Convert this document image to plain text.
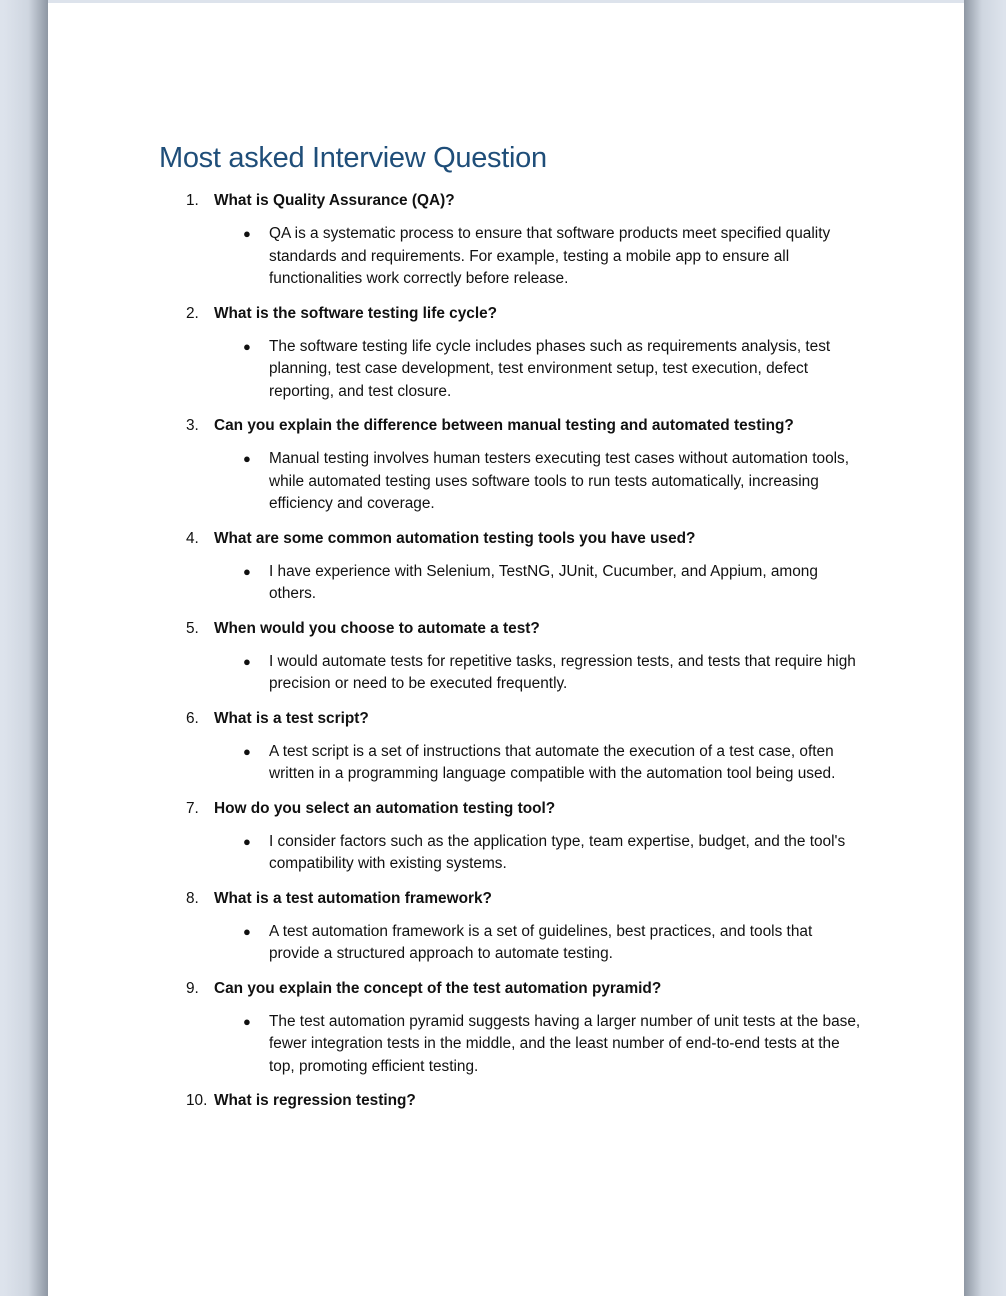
Most asked Interview Question
1. What is Quality Assurance (QA)?
● QA is a systematic process to ensure that software products meet specified quality standards and requirements. For example, testing a mobile app to ensure all functionalities work correctly before release.
2. What is the software testing life cycle?
● The software testing life cycle includes phases such as requirements analysis, test planning, test case development, test environment setup, test execution, defect reporting, and test closure.
3. Can you explain the difference between manual testing and automated testing?
● Manual testing involves human testers executing test cases without automation tools, while automated testing uses software tools to run tests automatically, increasing efficiency and coverage.
4. What are some common automation testing tools you have used?
● I have experience with Selenium, TestNG, JUnit, Cucumber, and Appium, among others.
5. When would you choose to automate a test?
● I would automate tests for repetitive tasks, regression tests, and tests that require high precision or need to be executed frequently.
6. What is a test script?
● A test script is a set of instructions that automate the execution of a test case, often written in a programming language compatible with the automation tool being used.
7. How do you select an automation testing tool?
● I consider factors such as the application type, team expertise, budget, and the tool's compatibility with existing systems.
8. What is a test automation framework?
● A test automation framework is a set of guidelines, best practices, and tools that provide a structured approach to automate testing.
9. Can you explain the concept of the test automation pyramid?
● The test automation pyramid suggests having a larger number of unit tests at the base, fewer integration tests in the middle, and the least number of end-to-end tests at the top, promoting efficient testing.
10. What is regression testing?
